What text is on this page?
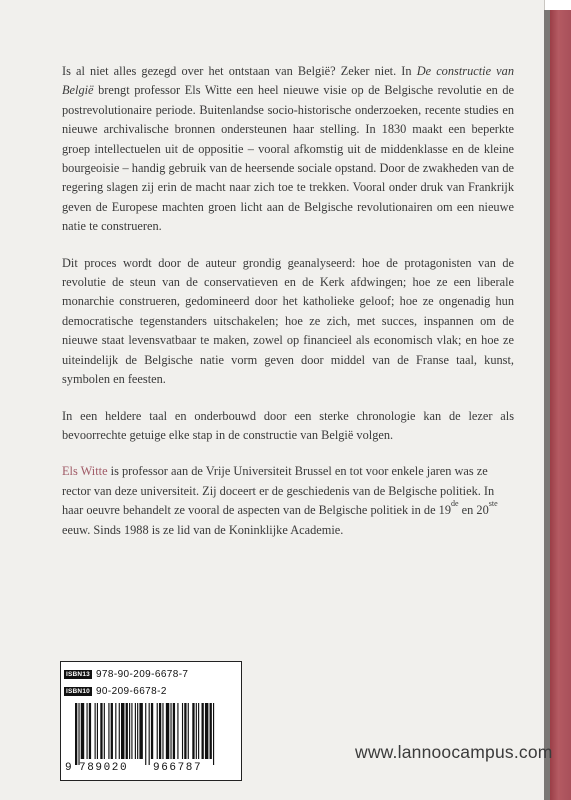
Is al niet alles gezegd over het ontstaan van België? Zeker niet. In De constructie van België brengt professor Els Witte een heel nieuwe visie op de Belgische revolutie en de postrevolutionaire periode. Buitenlandse socio-historische onderzoeken, recente studies en nieuwe archivalische bronnen ondersteunen haar stelling. In 1830 maakt een beperkte groep intellectuelen uit de oppositie – vooral afkomstig uit de middenklasse en de kleine bourgeoisie – handig gebruik van de heersende sociale opstand. Door de zwakheden van de regering slagen zij erin de macht naar zich toe te trekken. Vooral onder druk van Frankrijk geven de Europese machten groen licht aan de Belgische revolutionairen om een nieuwe natie te construeren.

Dit proces wordt door de auteur grondig geanalyseerd: hoe de protagonisten van de revolutie de steun van de conservatieven en de Kerk afdwingen; hoe ze een liberale monarchie construeren, gedomineerd door het katholieke geloof; hoe ze ongenadig hun democratische tegenstanders uitschakelen; hoe ze zich, met succes, inspannen om de nieuwe staat levensvatbaar te maken, zowel op financieel als economisch vlak; en hoe ze uiteindelijk de Belgische natie vorm geven door middel van de Franse taal, kunst, symbolen en feesten.

In een heldere taal en onderbouwd door een sterke chronologie kan de lezer als bevoorrechte getuige elke stap in de constructie van België volgen.

Els Witte is professor aan de Vrije Universiteit Brussel en tot voor enkele jaren was ze rector van deze universiteit. Zij doceert er de geschiedenis van de Belgische politiek. In haar oeuvre behandelt ze vooral de aspecten van de Belgische politiek in de 19de en 20ste eeuw. Sinds 1988 is ze lid van de Koninklijke Academie.

ISBN13 978-90-209-6678-7
ISBN10 90-209-6678-2
9 789020 966787
www.lannoocampus.com
